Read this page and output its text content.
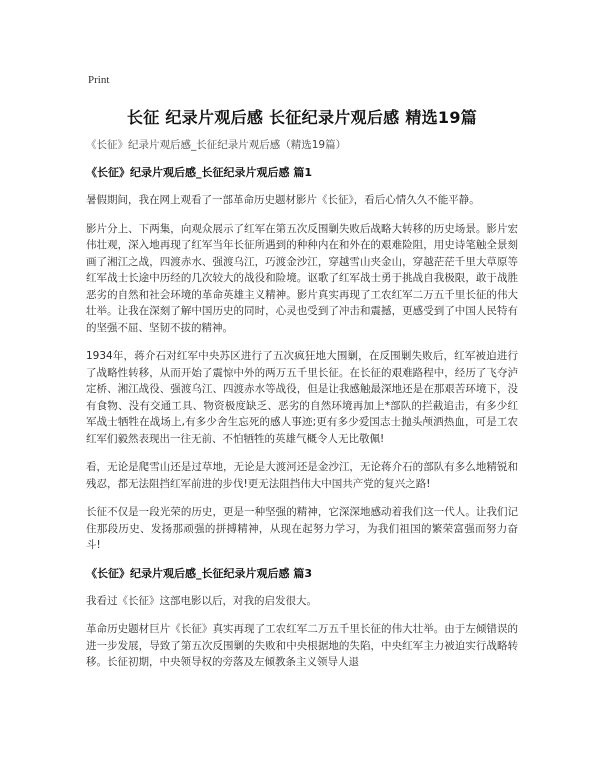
Print
长征 纪录片观后感 长征纪录片观后感 精选19篇

《长征》纪录片观后感_长征纪录片观后感（精选19篇）

《长征》纪录片观后感_长征纪录片观后感 篇1

暑假期间，我在网上观看了一部革命历史题材影片《长征》，看后心情久久不能平静。

影片分上、下两集，向观众展示了红军在第五次反围剿失败后战略大转移的历史场景。影片宏伟壮观，深入地再现了红军当年长征所遇到的种种内在和外在的艰难险阻，用史诗笔触全景刻画了湘江之战，四渡赤水、强渡乌江，巧渡金沙江，穿越雪山夹金山，穿越茫茫千里大草原等红军战士长途中历经的几次较大的战役和险境。讴歌了红军战士勇于挑战自我极限，敢于战胜恶劣的自然和社会环境的革命英雄主义精神。影片真实再现了工农红军二万五千里长征的伟大壮举。让我在深刻了解中国历史的同时，心灵也受到了冲击和震撼，更感受到了中国人民特有的坚强不屈、坚韧不拔的精神。

1934年，蒋介石对红军中央苏区进行了五次疯狂地大围剿，在反围剿失败后，红军被迫进行了战略性转移，从而开始了震惊中外的两万五千里长征。在长征的艰难路程中，经历了飞夺泸定桥、湘江战役、强渡乌江、四渡赤水等战役，但是让我感触最深地还是在那艰苦环境下，没有食物、没有交通工具、物资极度缺乏、恶劣的自然环境再加上*部队的拦截追击，有多少红军战士牺牲在战场上,有多少舍生忘死的感人事迹;更有多少爱国志士抛头颅洒热血，可是工农红军们毅然表现出一往无前、不怕牺牲的英雄气概令人无比敬佩!

看，无论是爬雪山还是过草地，无论是大渡河还是金沙江，无论蒋介石的部队有多么地精锐和残忍，都无法阻挡红军前进的步伐!更无法阻挡伟大中国共产党的复兴之路!

长征不仅是一段光荣的历史，更是一种坚强的精神，它深深地感动着我们这一代人。让我们记住那段历史、发扬那顽强的拼搏精神，从现在起努力学习，为我们祖国的繁荣富强而努力奋斗!

《长征》纪录片观后感_长征纪录片观后感 篇3

我看过《长征》这部电影以后，对我的启发很大。

革命历史题材巨片《长征》真实再现了工农红军二万五千里长征的伟大壮举。由于左倾错误的进一步发展，导致了第五次反围剿的失败和中央根据地的失陷，中央红军主力被迫实行战略转移。长征初期，中央领导权的旁落及左倾教条主义领导人退
